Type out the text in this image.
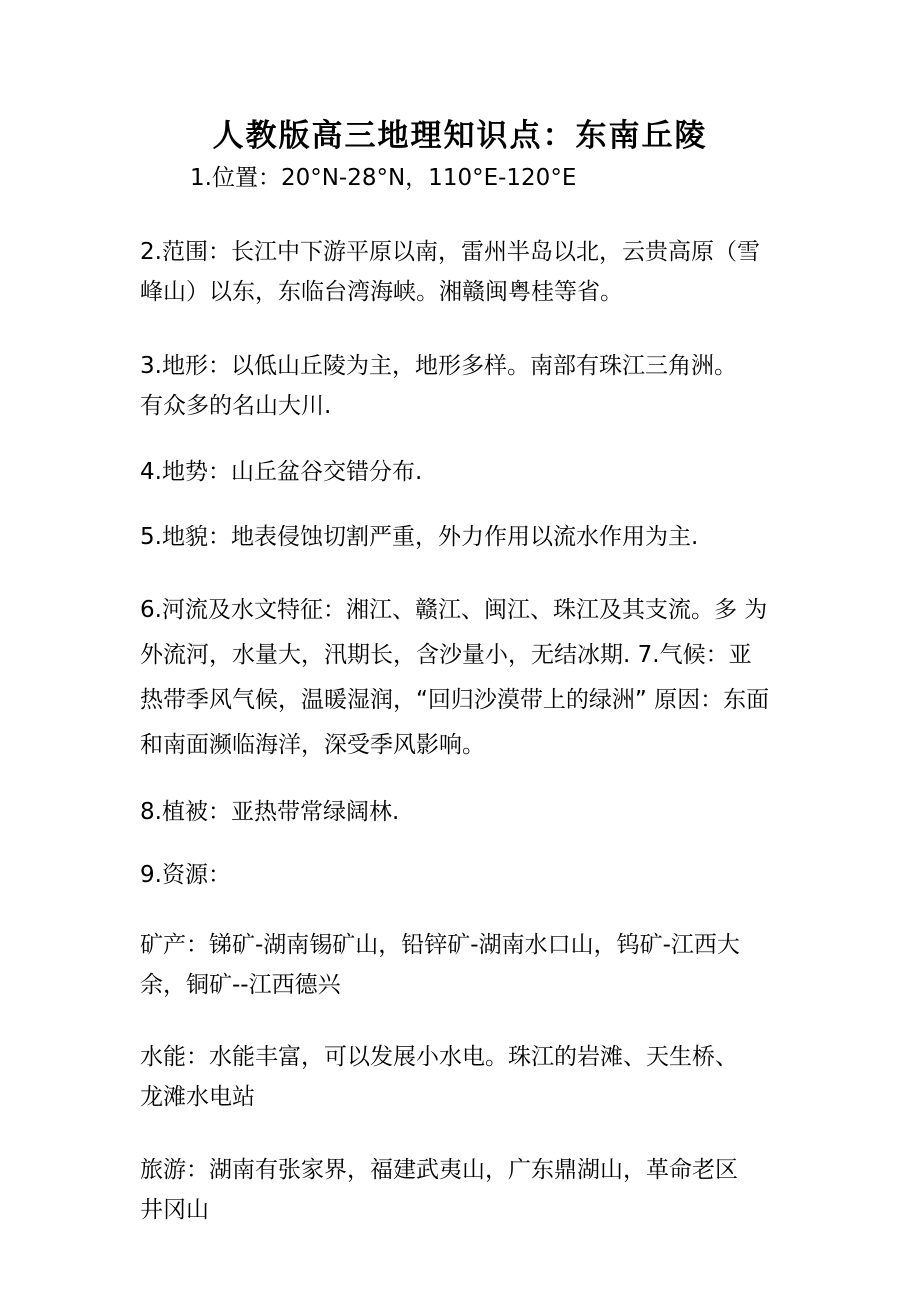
人教版高三地理知识点：东南丘陵
1.位置：20°N-28°N，110°E-120°E
2.范围：长江中下游平原以南，雷州半岛以北，云贵高原（雪
峰山）以东，东临台湾海峡。湘赣闽粤桂等省。
3.地形：以低山丘陵为主，地形多样。南部有珠江三角洲。
有众多的名山大川.
4.地势：山丘盆谷交错分布.
5.地貌：地表侵蚀切割严重，外力作用以流水作用为主.
6.河流及水文特征：湘江、赣江、闽江、珠江及其支流。多 为
外流河，水量大，汛期长，含沙量小，无结冰期. 7.气候：亚
热带季风气候，温暖湿润，“回归沙漠带上的绿洲” 原因：东面
和南面濒临海洋，深受季风影响。
8.植被：亚热带常绿阔林.
9.资源：
矿产：锑矿-湖南锡矿山，铅锌矿-湖南水口山，钨矿-江西大
余，铜矿--江西德兴
水能：水能丰富，可以发展小水电。珠江的岩滩、天生桥、
龙滩水电站
旅游：湖南有张家界，福建武夷山，广东鼎湖山，革命老区
井冈山
